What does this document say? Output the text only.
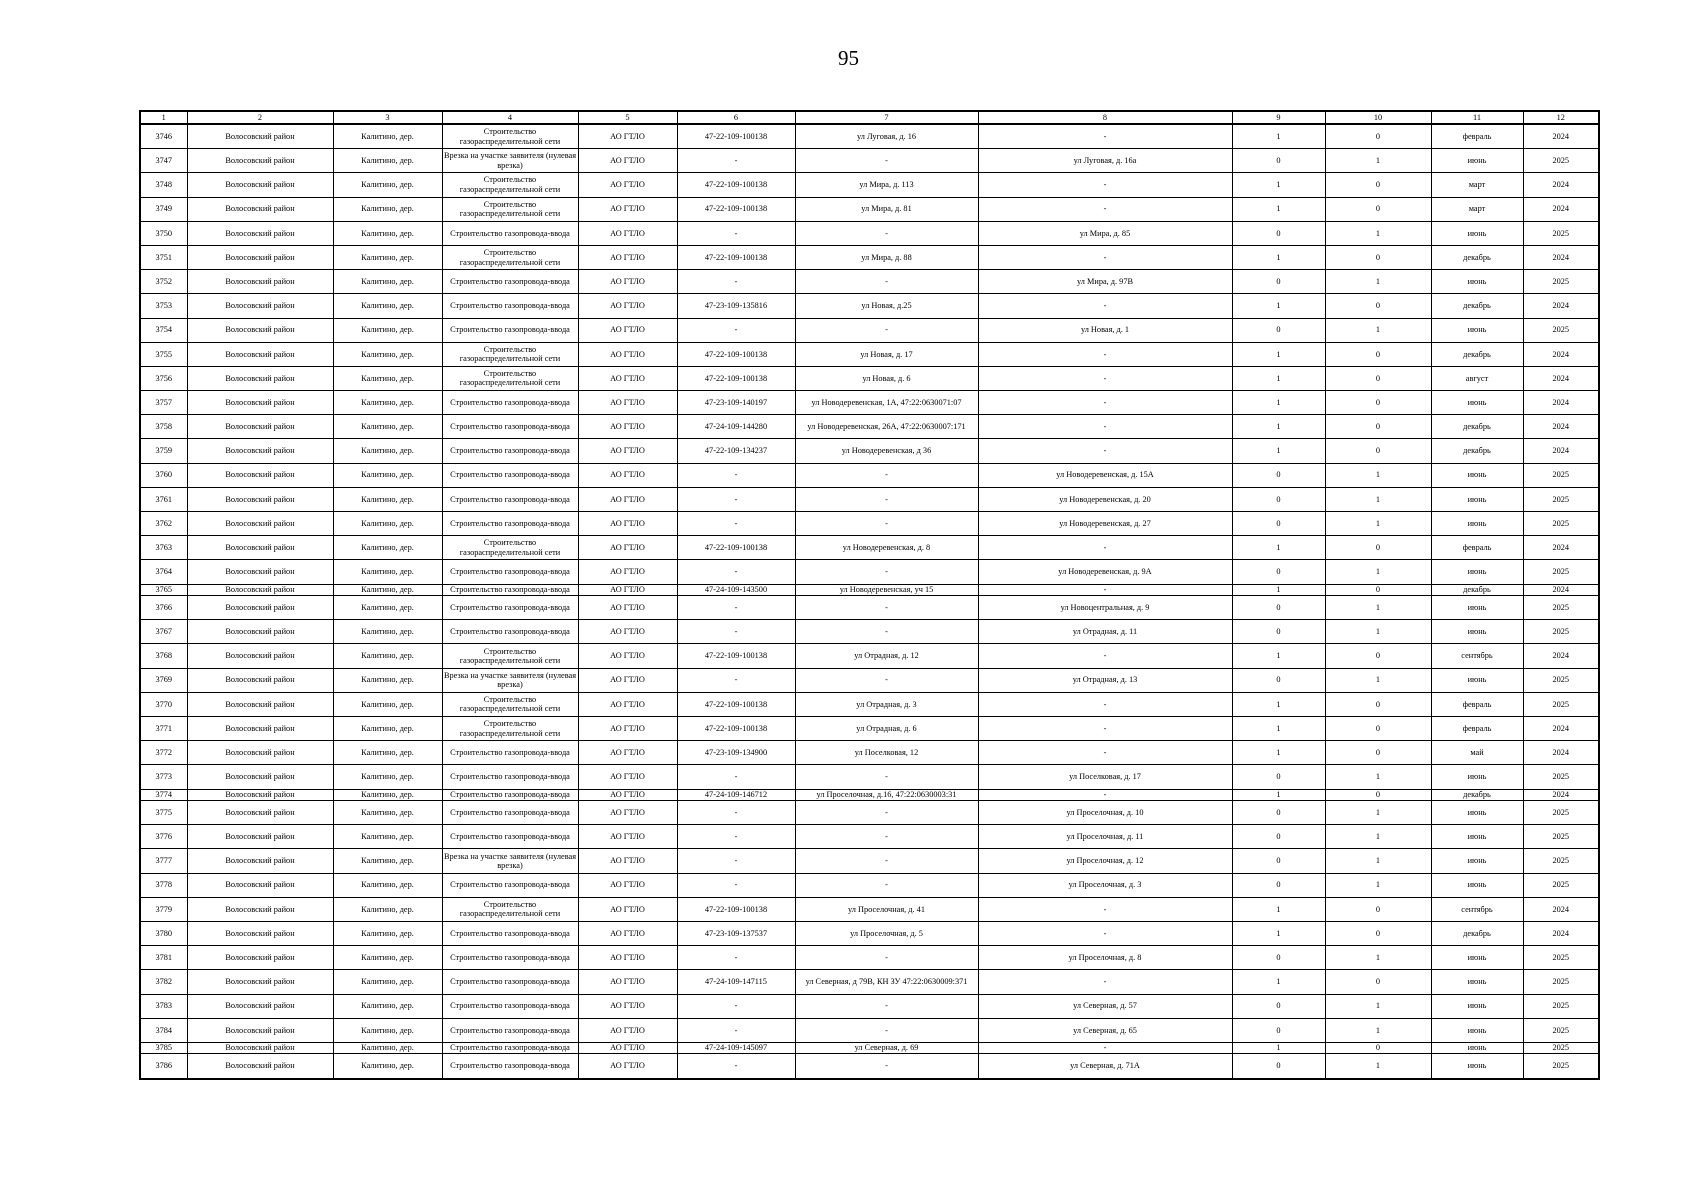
95
1	2	3	4	5	6	7	8	9	10	11	12
3746	Волосовский район	Калитино, дер.	Строительство газораспределительной сети	АО ГТЛО	47-22-109-100138	ул Луговая, д. 16	-	1	0	февраль	2024
3747	Волосовский район	Калитино, дер.	Врезка на участке заявителя (нулевая врезка)	АО ГТЛО	-	-	ул Луговая, д. 16а	0	1	июнь	2025
3748	Волосовский район	Калитино, дер.	Строительство газораспределительной сети	АО ГТЛО	47-22-109-100138	ул Мира, д. 113	-	1	0	март	2024
3749	Волосовский район	Калитино, дер.	Строительство газораспределительной сети	АО ГТЛО	47-22-109-100138	ул Мира, д. 81	-	1	0	март	2024
3750	Волосовский район	Калитино, дер.	Строительство газопровода-ввода	АО ГТЛО	-	-	ул Мира, д. 85	0	1	июнь	2025
3751	Волосовский район	Калитино, дер.	Строительство газораспределительной сети	АО ГТЛО	47-22-109-100138	ул Мира, д. 88	-	1	0	декабрь	2024
3752	Волосовский район	Калитино, дер.	Строительство газопровода-ввода	АО ГТЛО	-	-	ул Мира, д. 97В	0	1	июнь	2025
3753	Волосовский район	Калитино, дер.	Строительство газопровода-ввода	АО ГТЛО	47-23-109-135816	ул Новая, д.25	-	1	0	декабрь	2024
3754	Волосовский район	Калитино, дер.	Строительство газопровода-ввода	АО ГТЛО	-	-	ул Новая, д. 1	0	1	июнь	2025
3755	Волосовский район	Калитино, дер.	Строительство газораспределительной сети	АО ГТЛО	47-22-109-100138	ул Новая, д. 17	-	1	0	декабрь	2024
3756	Волосовский район	Калитино, дер.	Строительство газораспределительной сети	АО ГТЛО	47-22-109-100138	ул Новая, д. 6	-	1	0	август	2024
3757	Волосовский район	Калитино, дер.	Строительство газопровода-ввода	АО ГТЛО	47-23-109-140197	ул Новодеревенская, 1А, 47:22:0630071:07	-	1	0	июнь	2024
3758	Волосовский район	Калитино, дер.	Строительство газопровода-ввода	АО ГТЛО	47-24-109-144280	ул Новодеревенская, 26А, 47:22:0630007:171	-	1	0	декабрь	2024
3759	Волосовский район	Калитино, дер.	Строительство газопровода-ввода	АО ГТЛО	47-22-109-134237	ул Новодеревенская, д 36	-	1	0	декабрь	2024
3760	Волосовский район	Калитино, дер.	Строительство газопровода-ввода	АО ГТЛО	-	-	ул Новодеревенская, д. 15А	0	1	июнь	2025
3761	Волосовский район	Калитино, дер.	Строительство газопровода-ввода	АО ГТЛО	-	-	ул Новодеревенская, д. 20	0	1	июнь	2025
3762	Волосовский район	Калитино, дер.	Строительство газопровода-ввода	АО ГТЛО	-	-	ул Новодеревенская, д. 27	0	1	июнь	2025
3763	Волосовский район	Калитино, дер.	Строительство газораспределительной сети	АО ГТЛО	47-22-109-100138	ул Новодеревенская, д. 8	-	1	0	февраль	2024
3764	Волосовский район	Калитино, дер.	Строительство газопровода-ввода	АО ГТЛО	-	-	ул Новодеревенская, д. 9А	0	1	июнь	2025
3765	Волосовский район	Калитино, дер.	Строительство газопровода-ввода	АО ГТЛО	47-24-109-143500	ул Новодеревенская, уч 15	-	1	0	декабрь	2024
3766	Волосовский район	Калитино, дер.	Строительство газопровода-ввода	АО ГТЛО	-	-	ул Новоцентральная, д. 9	0	1	июнь	2025
3767	Волосовский район	Калитино, дер.	Строительство газопровода-ввода	АО ГТЛО	-	-	ул Отрадная, д. 11	0	1	июнь	2025
3768	Волосовский район	Калитино, дер.	Строительство газораспределительной сети	АО ГТЛО	47-22-109-100138	ул Отрадная, д. 12	-	1	0	сентябрь	2024
3769	Волосовский район	Калитино, дер.	Врезка на участке заявителя (нулевая врезка)	АО ГТЛО	-	-	ул Отрадная, д. 13	0	1	июнь	2025
3770	Волосовский район	Калитино, дер.	Строительство газораспределительной сети	АО ГТЛО	47-22-109-100138	ул Отрадная, д. 3	-	1	0	февраль	2025
3771	Волосовский район	Калитино, дер.	Строительство газораспределительной сети	АО ГТЛО	47-22-109-100138	ул Отрадная, д. 6	-	1	0	февраль	2024
3772	Волосовский район	Калитино, дер.	Строительство газопровода-ввода	АО ГТЛО	47-23-109-134900	ул Поселковая, 12	-	1	0	май	2024
3773	Волосовский район	Калитино, дер.	Строительство газопровода-ввода	АО ГТЛО	-	-	ул Поселковая, д. 17	0	1	июнь	2025
3774	Волосовский район	Калитино, дер.	Строительство газопровода-ввода	АО ГТЛО	47-24-109-146712	ул Проселочная, д.16, 47:22:0630003:31	-	1	0	декабрь	2024
3775	Волосовский район	Калитино, дер.	Строительство газопровода-ввода	АО ГТЛО	-	-	ул Проселочная, д. 10	0	1	июнь	2025
3776	Волосовский район	Калитино, дер.	Строительство газопровода-ввода	АО ГТЛО	-	-	ул Проселочная, д. 11	0	1	июнь	2025
3777	Волосовский район	Калитино, дер.	Врезка на участке заявителя (нулевая врезка)	АО ГТЛО	-	-	ул Проселочная, д. 12	0	1	июнь	2025
3778	Волосовский район	Калитино, дер.	Строительство газопровода-ввода	АО ГТЛО	-	-	ул Проселочная, д. 3	0	1	июнь	2025
3779	Волосовский район	Калитино, дер.	Строительство газораспределительной сети	АО ГТЛО	47-22-109-100138	ул Проселочная, д. 41	-	1	0	сентябрь	2024
3780	Волосовский район	Калитино, дер.	Строительство газопровода-ввода	АО ГТЛО	47-23-109-137537	ул Проселочная, д. 5	-	1	0	декабрь	2024
3781	Волосовский район	Калитино, дер.	Строительство газопровода-ввода	АО ГТЛО	-	-	ул Проселочная, д. 8	0	1	июнь	2025
3782	Волосовский район	Калитино, дер.	Строительство газопровода-ввода	АО ГТЛО	47-24-109-147115	ул Северная, д 79В, КН ЗУ 47:22:0630009:371	-	1	0	июнь	2025
3783	Волосовский район	Калитино, дер.	Строительство газопровода-ввода	АО ГТЛО	-	-	ул Северная, д. 57	0	1	июнь	2025
3784	Волосовский район	Калитино, дер.	Строительство газопровода-ввода	АО ГТЛО	-	-	ул Северная, д. 65	0	1	июнь	2025
3785	Волосовский район	Калитино, дер.	Строительство газопровода-ввода	АО ГТЛО	47-24-109-145097	ул Северная, д. 69	-	1	0	июнь	2025
3786	Волосовский район	Калитино, дер.	Строительство газопровода-ввода	АО ГТЛО	-	-	ул Северная, д. 71А	0	1	июнь	2025
